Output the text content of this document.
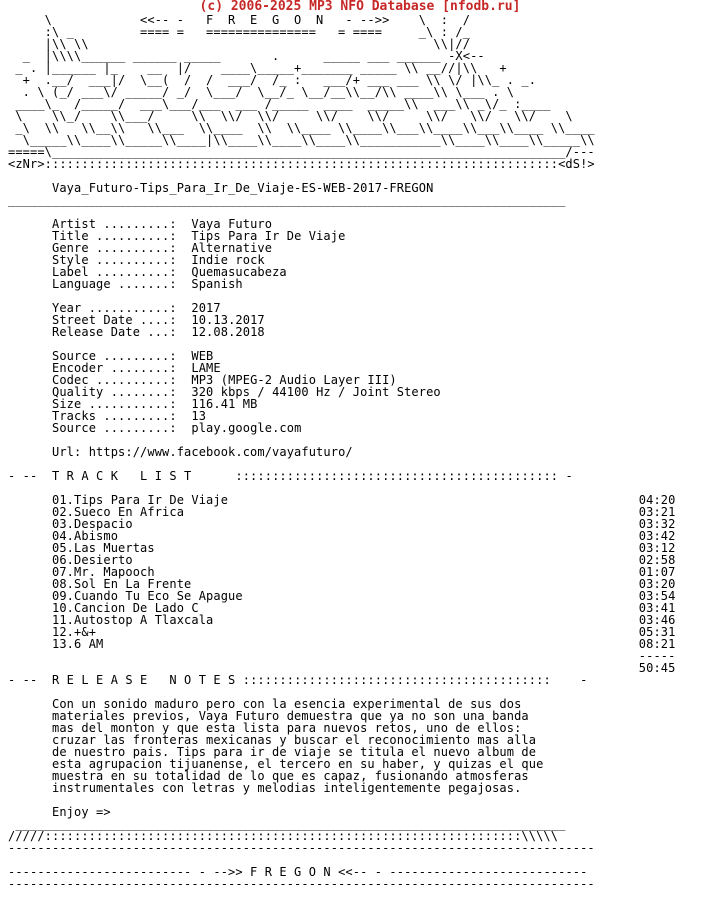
(c) 2006-2025 MP3 NFO Database [nfodb.ru]
\            <<-- -   F  R  E  G  O  N   - -->>    \  :  /
:\ _         ==== =   ===============   = ====     _\ : /_
|\\ \\                                               \\|//
_  |\\\\______ ______ _____       .      _____ ___ ______ -X<--
_ . |______ |_    __  |/    ____\_____+_______ _____ \\ __//|\\   +
+  .__/  ___|/  \__(  /  /  ___/  /_ :   ___/+ ___ ___ \\ \/ |\\_ . _.
. \ (_/ ___\/ _____/ _/  \___/  \__/_ \__/__\\__/\\ ____\\ \___ . \
____\_  /_____/  ___\___/___  ___ /_____  ____  _____\\  ___\\ _\/_ :____
\    \\_/    \\___/     \\  \\/  \\/     \\/    \\/     \\/   \\/   \\/    \
_\  \\   \\__\\   \\___  \\____  \\  \\____ \\____\\___\\____\\___\\____ \\____
\_____\\____\\_____\\____|\\____\\____\\____\\___________\\____\\____\\_____\\
=====\______________________________________________________________________/---
<zNr>::::::::::::::::::::::::::::::::::::::::::::::::::::::::::::::::::::::<dS!>

Vaya_Futuro-Tips_Para_Ir_De_Viaje-ES-WEB-2017-FREGON
____________________________________________________________________________

Artist .........: Vaya Futuro
Title ..........: Tips Para Ir De Viaje
Genre ..........: Alternative
Style ..........: Indie rock
Label ..........: Quemasucabeza
Language .......: Spanish

Year ...........: 2017
Street Date ....: 10.13.2017
Release Date ...: 12.08.2018

Source .........: WEB
Encoder ........: LAME
Codec ..........: MP3 (MPEG-2 Audio Layer III)
Quality ........: 320 kbps / 44100 Hz / Joint Stereo
Size ...........: 116.41 MB
Tracks .........: 13
Source .........: play.google.com

Url: https://www.facebook.com/vayafuturo/

- -- T R A C K   L I S T	:::::::::::::::::::::::::::::::::::::::::::: -

01.Tips Para Ir De Viaje	04:20
02.Sueco En Africa	03:21
03.Despacio	03:32
04.Abismo	03:42
05.Las Muertas	03:12
06.Desierto	02:58
07.Mr. Mapooch	01:07
08.Sol En La Frente	03:20
09.Cuando Tu Eco Se Apague	03:54
10.Cancion De Lado C	03:41
11.Autostop A Tlaxcala	03:46
12.+&+	05:31
13.6 AM	08:21
-----
50:45
- -- R E L E A S E   N O T E S :::::::::::::::::::::::::::::::::::::::::: -

Con un sonido maduro pero con la esencia experimental de sus dos
materiales previos, Vaya Futuro demuestra que ya no son una banda
mas del monton y que esta lista para nuevos retos, uno de ellos:
cruzar las fronteras mexicanas y buscar el reconocimiento mas alla
de nuestro pais. Tips para ir de viaje se titula el nuevo album de
esta agrupacion tijuanense, el tercero en su haber, y quizas el que
muestra en su totalidad de lo que es capaz, fusionando atmosferas
instrumentales con letras y melodias inteligentemente pegajosas.

Enjoy =>
___________________________________________________________________________
/////:::::::::::::::::::::::::::::::::::::::::::::::::::::::::::::::::\\\\\
--------------------------------------------------------------------------------

------------------------- - -->> F R E G O N <<-- - ---------------------------
--------------------------------------------------------------------------------
